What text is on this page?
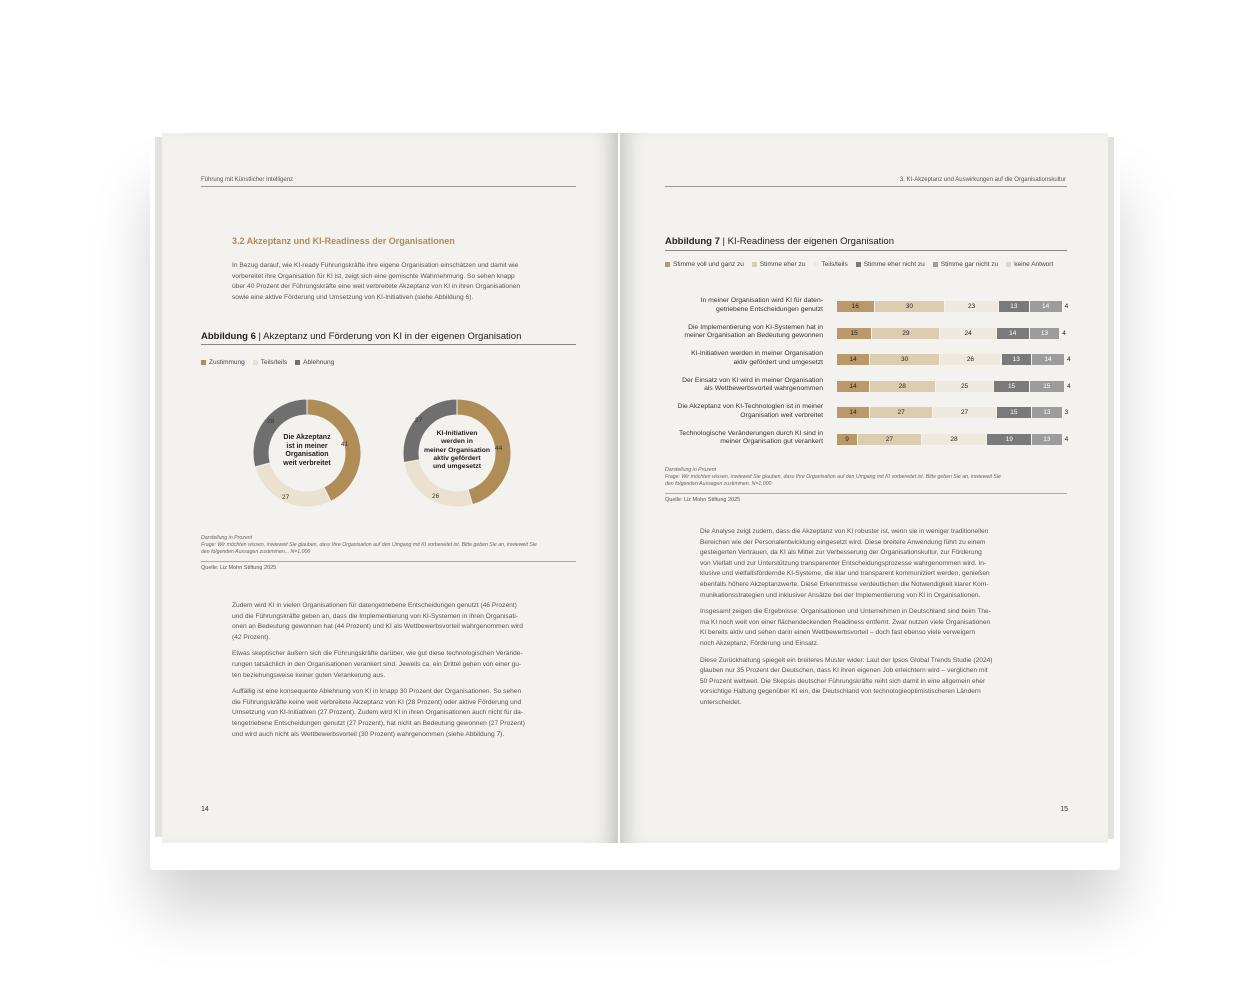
Führung mit Künstlicher Intelligenz
3.2 Akzeptanz und KI-Readiness der Organisationen
In Bezug darauf, wie KI-ready Führungskräfte ihre eigene Organisation einschätzen und damit wie
vorbereitet ihre Organisation für KI ist, zeigt sich eine gemischte Wahrnehmung. So sehen knapp
über 40 Prozent der Führungskräfte eine weit verbreitete Akzeptanz von KI in ihren Organisationen
sowie eine aktive Förderung und Umsetzung von KI-Initiativen (siehe Abbildung 6).
Abbildung 6 | Akzeptanz und Förderung von KI in der eigenen Organisation
Zustimmung	Teils/teils	Ablehnung
Die Akzeptanz
ist in meiner
Organisation
weit verbreitet
41
27
28
KI-Initiativen
werden in
meiner Organisation
aktiv gefördert
und umgesetzt
44
26
27
Darstellung in Prozent
Frage: Wir möchten wissen, inwieweit Sie glauben, dass Ihre Organisation auf den Umgang mit KI vorbereitet ist. Bitte geben Sie an, inwieweit Sie
den folgenden Aussagen zustimmen... N=1.000
Quelle: Liz Mohn Stiftung 2025
Zudem wird KI in vielen Organisationen für datengetriebene Entscheidungen genutzt (46 Prozent)
und die Führungskräfte geben an, dass die Implementierung von KI-Systemen in ihren Organisati-
onen an Bedeutung gewonnen hat (44 Prozent) und KI als Wettbewerbsvorteil wahrgenommen wird
(42 Prozent).
Etwas skeptischer äußern sich die Führungskräfte darüber, wie gut diese technologischen Verände-
rungen tatsächlich in den Organisationen verankert sind. Jeweils ca. ein Drittel gehen von einer gu-
ten beziehungsweise keiner guten Verankerung aus.
Auffällig ist eine konsequente Ablehnung von KI in knapp 30 Prozent der Organisationen. So sehen
die Führungskräfte keine weit verbreitete Akzeptanz von KI (28 Prozent) oder aktive Förderung und
Umsetzung von KI-Initiativen (27 Prozent). Zudem wird KI in ihren Organisationen auch nicht für da-
tengetriebene Entscheidungen genutzt (27 Prozent), hat nicht an Bedeutung gewonnen (27 Prozent)
und wird auch nicht als Wettbewerbsvorteil (30 Prozent) wahrgenommen (siehe Abbildung 7).
14
3. KI-Akzeptanz und Auswirkungen auf die Organisationskultur
Abbildung 7 | KI-Readiness der eigenen Organisation
Stimme voll und ganz zu	Stimme eher zu	Teils/teils	Stimme eher nicht zu	Stimme gar nicht zu	keine Antwort
In meiner Organisation wird KI für daten-
getriebene Entscheidungen genutzt	16	30	23	13	14	4
Die Implementierung von KI-Systemen hat in
meiner Organisation an Bedeutung gewonnen	15	29	24	14	13	4
KI-Initiativen werden in meiner Organisation
aktiv gefördert und umgesetzt	14	30	26	13	14	4
Der Einsatz von KI wird in meiner Organisation
als Wettbewerbsvorteil wahrgenommen	14	28	25	15	15	4
Die Akzeptanz von KI-Technologien ist in meiner
Organisation weit verbreitet	14	27	27	15	13	3
Technologische Veränderungen durch KI sind in
meiner Organisation gut verankert	9	27	28	19	13	4
Darstellung in Prozent
Frage: Wir möchten wissen, inwieweit Sie glauben, dass Ihre Organisation auf den Umgang mit KI vorbereitet ist. Bitte geben Sie an, inwieweit Sie
den folgenden Aussagen zustimmen. N=1.000
Quelle: Liz Mohn Stiftung 2025
Die Analyse zeigt zudem, dass die Akzeptanz von KI robuster ist, wenn sie in weniger traditionellen
Bereichen wie der Personalentwicklung eingesetzt wird. Diese breitere Anwendung führt zu einem
gesteigerten Vertrauen, da KI als Mittel zur Verbesserung der Organisationskultur, zur Förderung
von Vielfalt und zur Unterstützung transparenter Entscheidungsprozesse wahrgenommen wird. In-
klusive und vielfaltsfördernde KI-Systeme, die klar und transparent kommuniziert werden, genießen
ebenfalls höhere Akzeptanzwerte. Diese Erkenntnisse verdeutlichen die Notwendigkeit klarer Kom-
munikationsstrategien und inklusiver Ansätze bei der Implementierung von KI in Organisationen.
Insgesamt zeigen die Ergebnisse: Organisationen und Unternehmen in Deutschland sind beim The-
ma KI noch weit von einer flächendeckenden Readiness entfernt. Zwar nutzen viele Organisationen
KI bereits aktiv und sehen darin einen Wettbewerbsvorteil – doch fast ebenso viele verweigern
noch Akzeptanz, Förderung und Einsatz.
Diese Zurückhaltung spiegelt ein breiteres Muster wider: Laut der Ipsos Global Trends Studie (2024)
glauben nur 35 Prozent der Deutschen, dass KI ihren eigenen Job erleichtern wird – verglichen mit
50 Prozent weltweit. Die Skepsis deutscher Führungskräfte reiht sich damit in eine allgemein eher
vorsichtige Haltung gegenüber KI ein, die Deutschland von technologieoptimistischeren Ländern
unterscheidet.
15
